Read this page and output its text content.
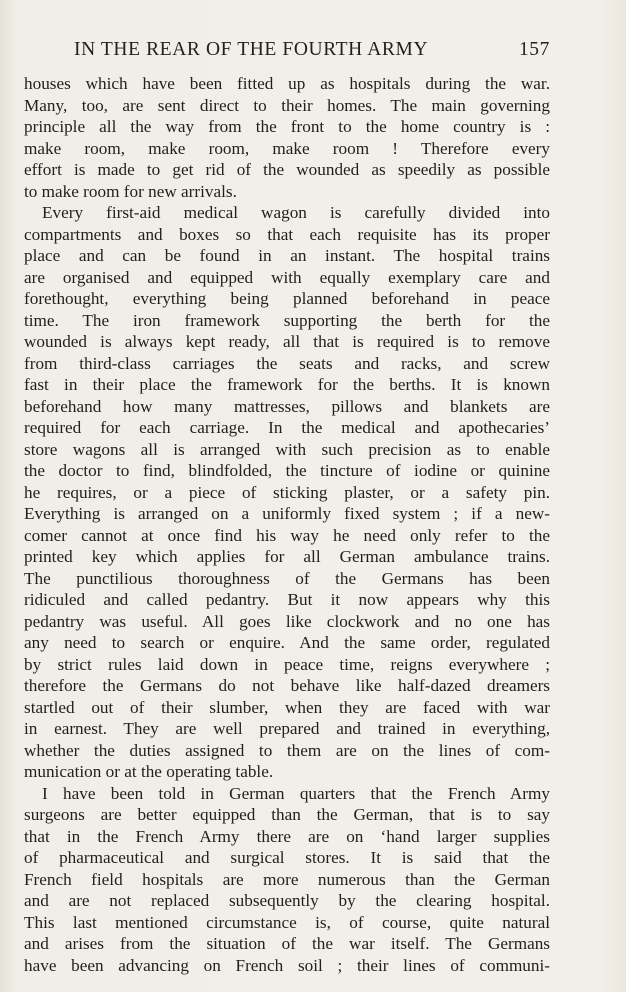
IN THE REAR OF THE FOURTH ARMY	157
houses which have been fitted up as hospitals during the war.
Many, too, are sent direct to their homes. The main governing
principle all the way from the front to the home country is :
make room, make room, make room ! Therefore every
effort is made to get rid of the wounded as speedily as possible
to make room for new arrivals.
Every first-aid medical wagon is carefully divided into
compartments and boxes so that each requisite has its proper
place and can be found in an instant. The hospital trains
are organised and equipped with equally exemplary care and
forethought, everything being planned beforehand in peace
time. The iron framework supporting the berth for the
wounded is always kept ready, all that is required is to remove
from third-class carriages the seats and racks, and screw
fast in their place the framework for the berths. It is known
beforehand how many mattresses, pillows and blankets are
required for each carriage. In the medical and apothecaries’
store wagons all is arranged with such precision as to enable
the doctor to find, blindfolded, the tincture of iodine or quinine
he requires, or a piece of sticking plaster, or a safety pin.
Everything is arranged on a uniformly fixed system ; if a new-
comer cannot at once find his way he need only refer to the
printed key which applies for all German ambulance trains.
The punctilious thoroughness of the Germans has been
ridiculed and called pedantry. But it now appears why this
pedantry was useful. All goes like clockwork and no one has
any need to search or enquire. And the same order, regulated
by strict rules laid down in peace time, reigns everywhere ;
therefore the Germans do not behave like half-dazed dreamers
startled out of their slumber, when they are faced with war
in earnest. They are well prepared and trained in everything,
whether the duties assigned to them are on the lines of com-
munication or at the operating table.
I have been told in German quarters that the French Army
surgeons are better equipped than the German, that is to say
that in the French Army there are on ‘hand larger supplies
of pharmaceutical and surgical stores. It is said that the
French field hospitals are more numerous than the German
and are not replaced subsequently by the clearing hospital.
This last mentioned circumstance is, of course, quite natural
and arises from the situation of the war itself. The Germans
have been advancing on French soil ; their lines of communi-
